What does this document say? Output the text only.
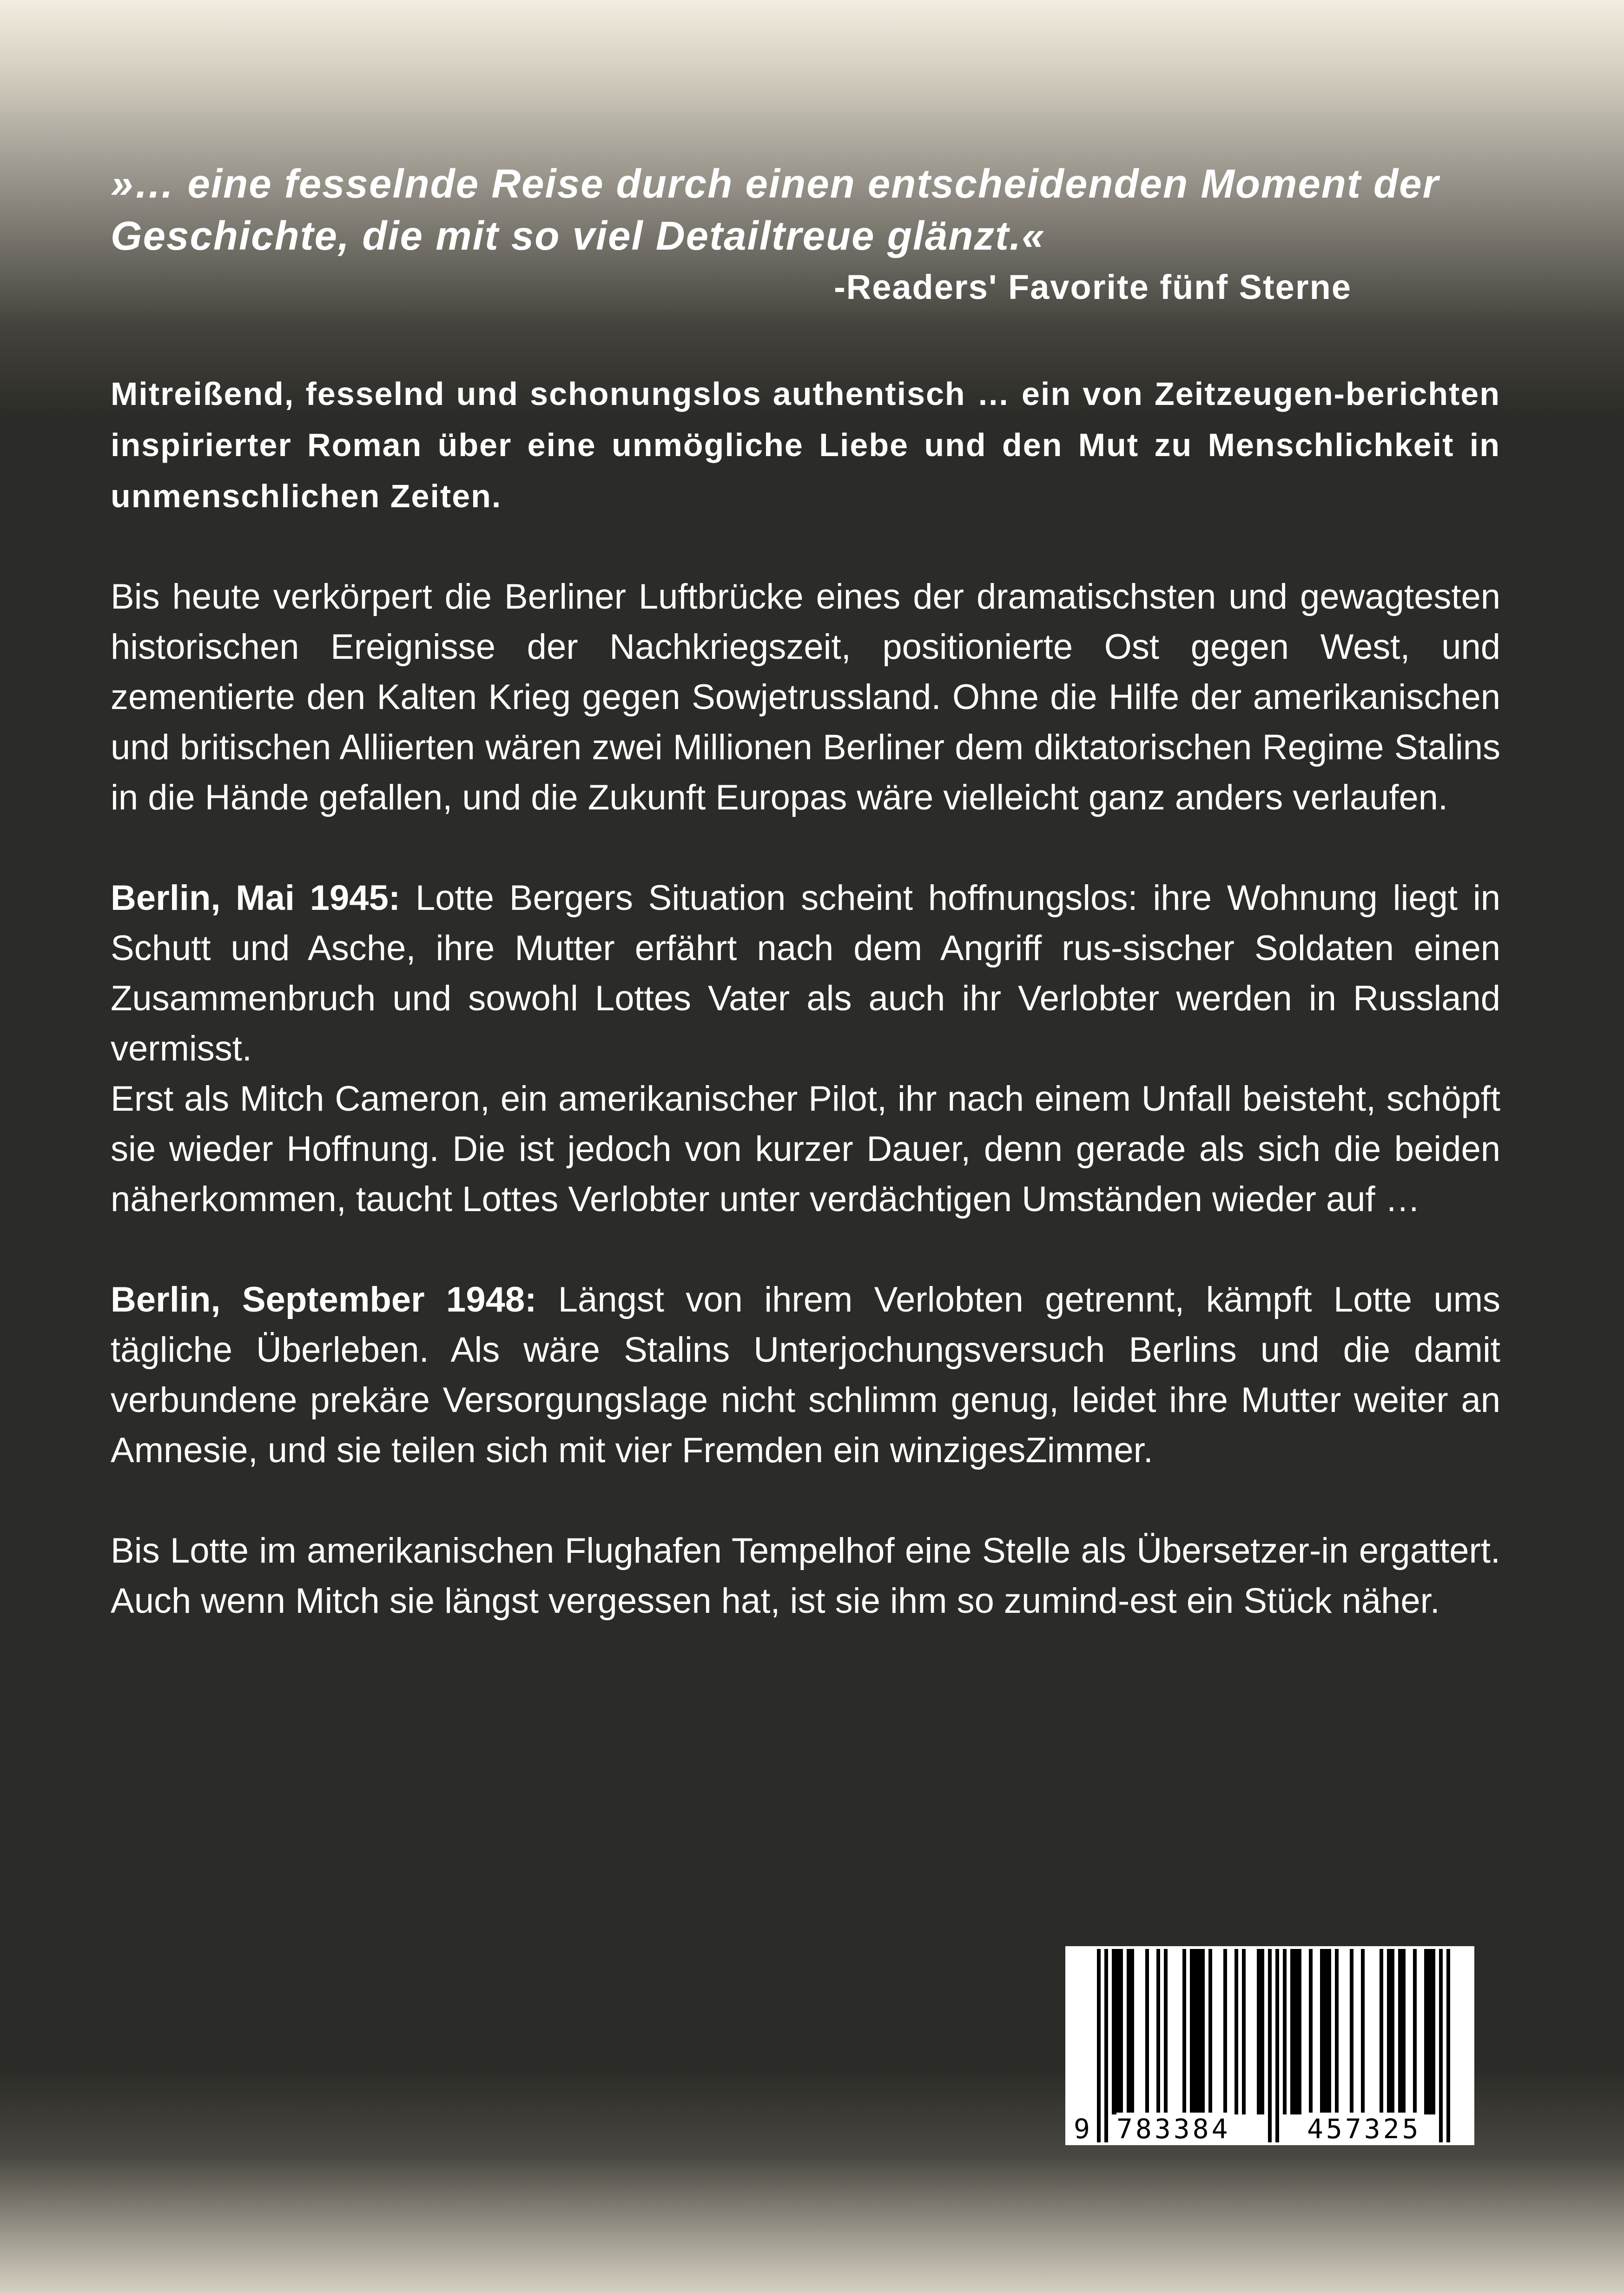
»… eine fesselnde Reise durch einen entscheidenden Moment der Geschichte, die mit so viel Detailtreue glänzt.«
-Readers' Favorite fünf Sterne
Mitreißend, fesselnd und schonungslos authentisch … ein von Zeitzeugen-berichten inspirierter Roman über eine unmögliche Liebe und den Mut zu Menschlichkeit in unmenschlichen Zeiten.
Bis heute verkörpert die Berliner Luftbrücke eines der dramatischsten und gewagtesten historischen Ereignisse der Nachkriegszeit, positionierte Ost gegen West, und zementierte den Kalten Krieg gegen Sowjetrussland. Ohne die Hilfe der amerikanischen und britischen Alliierten wären zwei Millionen Berliner dem diktatorischen Regime Stalins in die Hände gefallen, und die Zukunft Europas wäre vielleicht ganz anders verlaufen.
Berlin, Mai 1945: Lotte Bergers Situation scheint hoffnungslos: ihre Wohnung liegt in Schutt und Asche, ihre Mutter erfährt nach dem Angriff rus-sischer Soldaten einen Zusammenbruch und sowohl Lottes Vater als auch ihr Verlobter werden in Russland vermisst.
Erst als Mitch Cameron, ein amerikanischer Pilot, ihr nach einem Unfall beisteht, schöpft sie wieder Hoffnung. Die ist jedoch von kurzer Dauer, denn gerade als sich die beiden näherkommen, taucht Lottes Verlobter unter verdächtigen Umständen wieder auf …
Berlin, September 1948: Längst von ihrem Verlobten getrennt, kämpft Lotte ums tägliche Überleben. Als wäre Stalins Unterjochungsversuch Berlins und die damit verbundene prekäre Versorgungslage nicht schlimm genug, leidet ihre Mutter weiter an Amnesie, und sie teilen sich mit vier Fremden ein winzigesZimmer.
Bis Lotte im amerikanischen Flughafen Tempelhof eine Stelle als Übersetzer-in ergattert. Auch wenn Mitch sie längst vergessen hat, ist sie ihm so zumind-est ein Stück näher.
9 783384	457325
